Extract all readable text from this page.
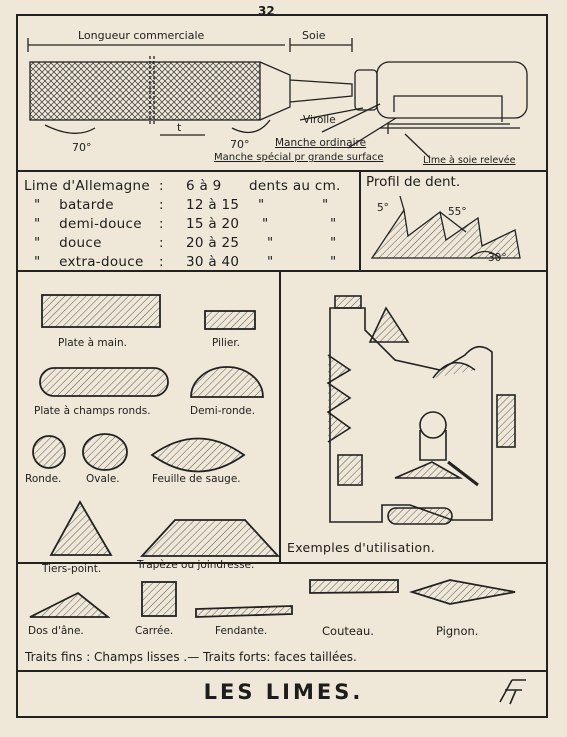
32
Longueur commerciale	Soie
Virolle
Manche ordinaire
Manche spécial pr grande surface	Lime à soie relevée
70°	70°
t
Lime d'Allemagne : 6 à 9 dents au cm.
" batarde	: 12 à 15 "	"
" demi-douce : 15 à 20 "	"
" douce	: 20 à 25 "	"
" extra-douce : 30 à 40 "	"
Profil de dent.
5°	55°
30°
Plate à main.	Pilier.
Plate à champs ronds.	Demi-ronde.
Ronde. Ovale.	Feuille de sauge.
Tiers-point.	Trapèze ou joindresse.
Dos d'âne.	Carrée.	Fendante.	Couteau.	Pignon.
Exemples d'utilisation.
Traits fins : Champs lisses .— Traits forts: faces taillées.
LES LIMES.
